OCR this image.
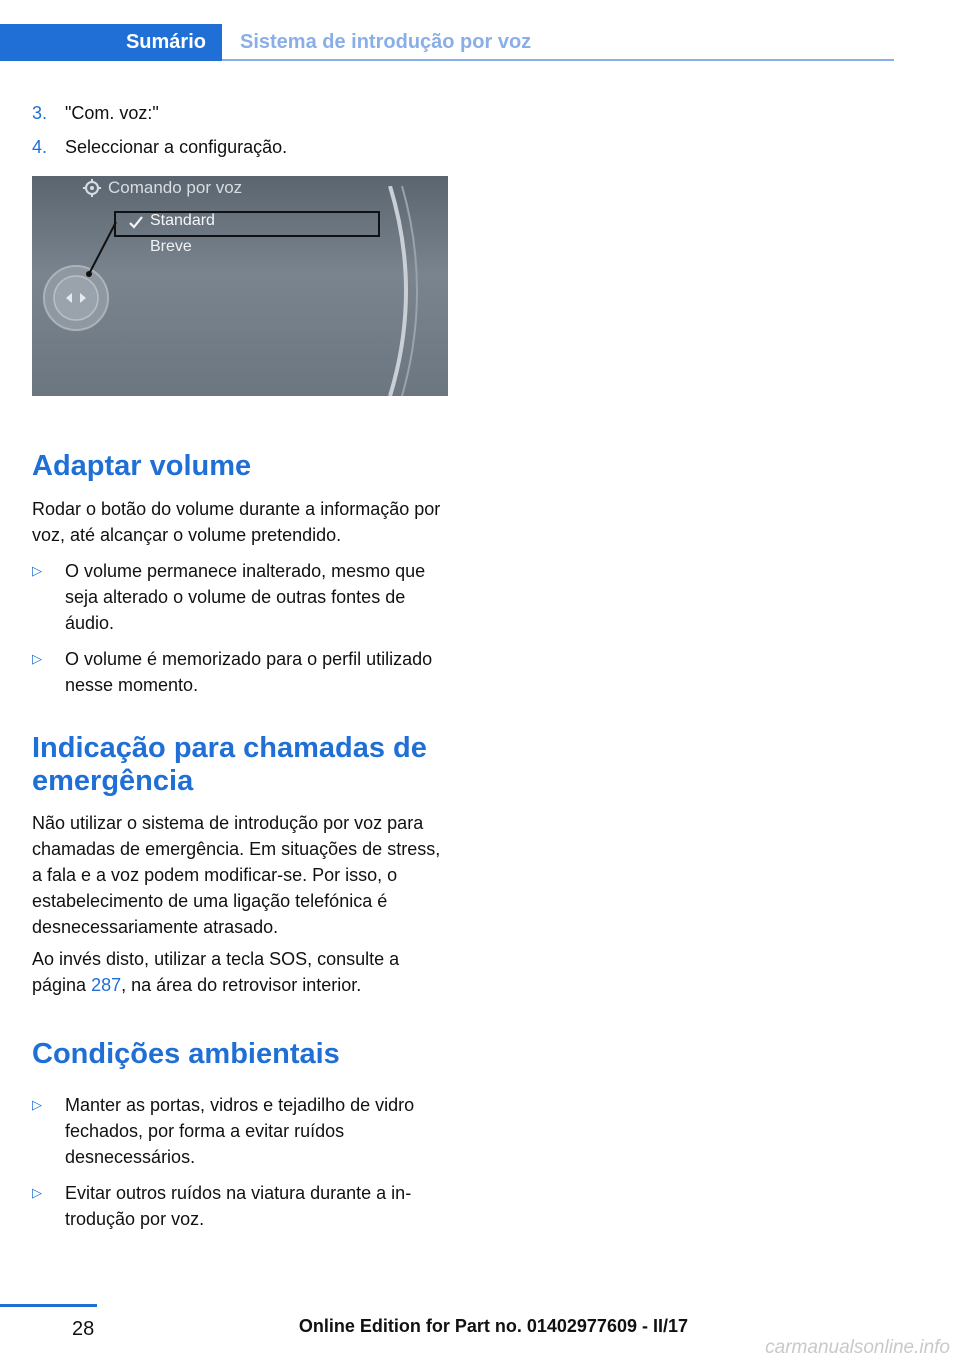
Sumário Sistema de introdução por voz
3. "Com. voz:"
4. Seleccionar a configuração.
Comando por voz
Standard
Breve
Adaptar volume

Rodar o botão do volume durante a informação por voz, até alcançar o volume pretendido.

▷	O volume permanece inalterado, mesmo que seja alterado o volume de outras fontes de áudio.
▷	O volume é memorizado para o perfil utilizado nesse momento.
Indicação para chamadas de emergência

Não utilizar o sistema de introdução por voz para chamadas de emergência. Em situações de stress, a fala e a voz podem modificar-se. Por isso, o estabelecimento de uma ligação telefónica é desnecessariamente atrasado.

Ao invés disto, utilizar a tecla SOS, consulte a página 287, na área do retrovisor interior.

Condições ambientais
▷	Manter as portas, vidros e tejadilho de vidro fechados, por forma a evitar ruídos desnecessários.
▷	Evitar outros ruídos na viatura durante a introdução por voz.
28	Online Edition for Part no. 01402977609 - II/17
carmanualsonline.info
